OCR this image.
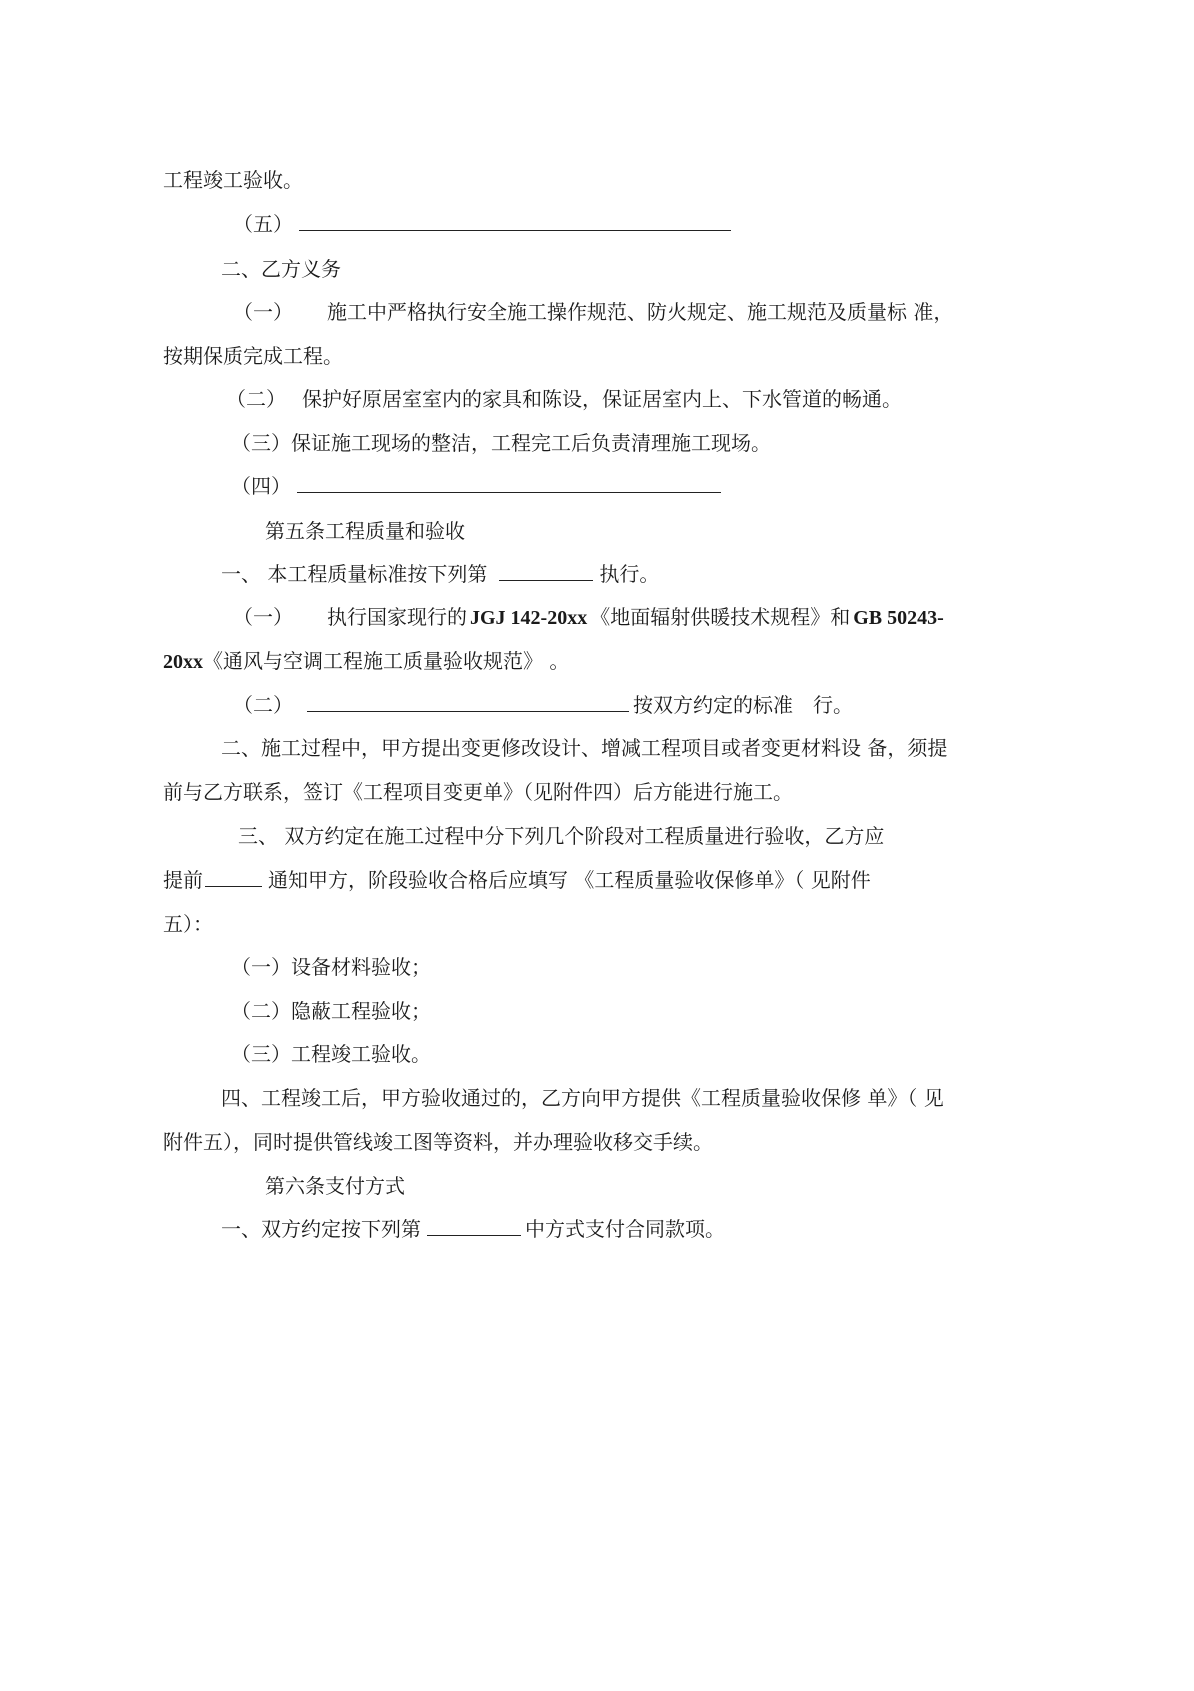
工程竣工验收。
（五）
二、乙方义务
（一） 施工中严格执行安全施工操作规范、防火规定、施工规范及质量标 准，
按期保质完成工程。
（二） 保护好原居室室内的家具和陈设，保证居室内上、下水管道的畅通。
（三）保证施工现场的整洁，工程完工后负责清理施工现场。
（四）
第五条工程质量和验收
一、 本工程质量标准按下列第	执行。
（一） 执行国家现行的 JGJ 142-20xx 《地面辐射供暖技术规程》和 GB 50243-
20xx《通风与空调工程施工质量验收规范》 。
（二）	按双方约定的标准　行。
二、施工过程中，甲方提出变更修改设计、增减工程项目或者变更材料设 备，须提
前与乙方联系，签订《工程项目变更单》（见附件四）后方能进行施工。
三、 双方约定在施工过程中分下列几个阶段对工程质量进行验收，乙方应
提前	通知甲方，阶段验收合格后应填写 《工程质量验收保修单》（ 见附件
五）：
（一）设备材料验收；
（二）隐蔽工程验收；
（三）工程竣工验收。
四、工程竣工后，甲方验收通过的，乙方向甲方提供《工程质量验收保修 单》（ 见
附件五），同时提供管线竣工图等资料，并办理验收移交手续。
第六条支付方式
一、双方约定按下列第	中方式支付合同款项。
